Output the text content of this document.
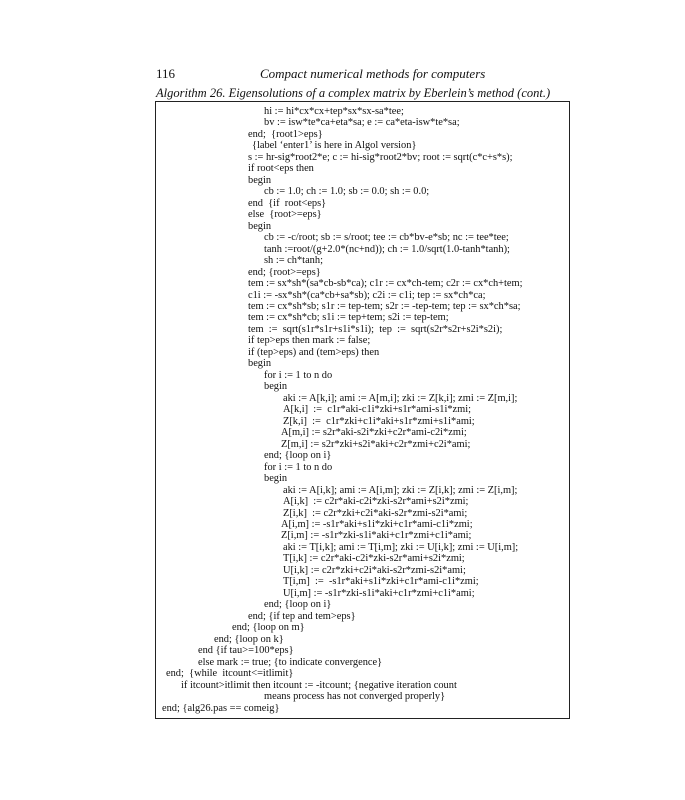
116	Compact numerical methods for computers
Algorithm 26. Eigensolutions of a complex matrix by Eberlein’s method (cont.)
hi := hi*cx*cx+tep*sx*sx-sa*tee;
bv := isw*te*ca+eta*sa; e := ca*eta-isw*te*sa;
end;  {root1>eps}
{label ‘enter1’ is here in Algol version}
s := hr-sig*root2*e; c := hi-sig*root2*bv; root := sqrt(c*c+s*s);
if root<eps then
begin
cb := 1.0; ch := 1.0; sb := 0.0; sh := 0.0;
end  {if  root<eps}
else  {root>=eps}
begin
cb := -c/root; sb := s/root; tee := cb*bv-e*sb; nc := tee*tee;
tanh :=root/(g+2.0*(nc+nd)); ch := 1.0/sqrt(1.0-tanh*tanh);
sh := ch*tanh;
end; {root>=eps}
tem := sx*sh*(sa*cb-sb*ca); c1r := cx*ch-tem; c2r := cx*ch+tem;
c1i := -sx*sh*(ca*cb+sa*sb); c2i := c1i; tep := sx*ch*ca;
tem := cx*sh*sb; s1r := tep-tem; s2r := -tep-tem; tep := sx*ch*sa;
tem := cx*sh*cb; s1i := tep+tem; s2i := tep-tem;
tem  :=  sqrt(s1r*s1r+s1i*s1i);  tep  :=  sqrt(s2r*s2r+s2i*s2i);
if tep>eps then mark := false;
if (tep>eps) and (tem>eps) then
begin
for i := 1 to n do
begin
aki := A[k,i]; ami := A[m,i]; zki := Z[k,i]; zmi := Z[m,i];
A[k,i]  :=  c1r*aki-c1i*zki+s1r*ami-s1i*zmi;
Z[k,i]  :=  c1r*zki+c1i*aki+s1r*zmi+s1i*ami;
A[m,i] := s2r*aki-s2i*zki+c2r*ami-c2i*zmi;
Z[m,i] := s2r*zki+s2i*aki+c2r*zmi+c2i*ami;
end; {loop on i}
for i := 1 to n do
begin
aki := A[i,k]; ami := A[i,m]; zki := Z[i,k]; zmi := Z[i,m];
A[i,k]  := c2r*aki-c2i*zki-s2r*ami+s2i*zmi;
Z[i,k]  := c2r*zki+c2i*aki-s2r*zmi-s2i*ami;
A[i,m] := -s1r*aki+s1i*zki+c1r*ami-c1i*zmi;
Z[i,m] := -s1r*zki-s1i*aki+c1r*zmi+c1i*ami;
aki := T[i,k]; ami := T[i,m]; zki := U[i,k]; zmi := U[i,m];
T[i,k] := c2r*aki-c2i*zki-s2r*ami+s2i*zmi;
U[i,k] := c2r*zki+c2i*aki-s2r*zmi-s2i*ami;
T[i,m]  :=  -s1r*aki+s1i*zki+c1r*ami-c1i*zmi;
U[i,m] := -s1r*zki-s1i*aki+c1r*zmi+c1i*ami;
end; {loop on i}
end; {if tep and tem>eps}
end; {loop on m}
end; {loop on k}
end {if tau>=100*eps}
else mark := true; {to indicate convergence}
end;  {while  itcount<=itlimit}
if itcount>itlimit then itcount := -itcount; {negative iteration count
means process has not converged properly}
end; {alg26.pas == comeig}
